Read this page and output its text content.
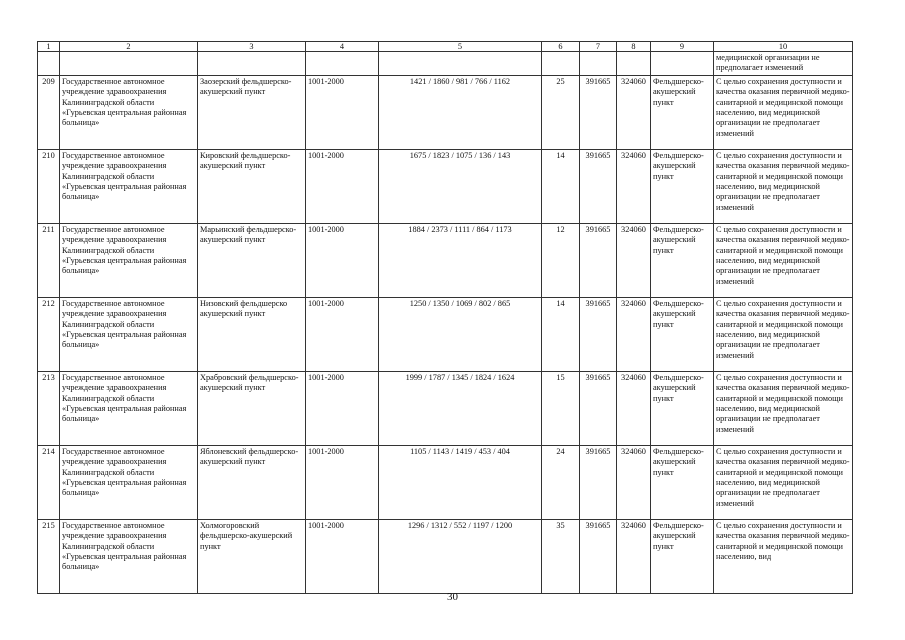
1	2	3	4	5	6	7	8	9	10
									медицинской организации не предполагает изменений
209	Государственное автономное учреждение здравоохранения Калининградской области «Гурьевская центральная районная больница»	Заозерский фельдшерско-акушерский пункт	1001-2000	1421 / 1860 / 981 / 766 / 1162	25	391665	324060	Фельдшерско-акушерский пункт	С целью сохранения доступности и качества оказания первичной медико-санитарной и медицинской помощи населению, вид медицинской организации не предполагает изменений
210	Государственное автономное учреждение здравоохранения Калининградской области «Гурьевская центральная районная больница»	Кировский фельдшерско-акушерский пункт	1001-2000	1675 / 1823 / 1075 / 136 / 143	14	391665	324060	Фельдшерско-акушерский пункт	С целью сохранения доступности и качества оказания первичной медико-санитарной и медицинской помощи населению, вид медицинской организации не предполагает изменений
211	Государственное автономное учреждение здравоохранения Калининградской области «Гурьевская центральная районная больница»	Марьинский фельдшерско-акушерский пункт	1001-2000	1884 / 2373 / 1111 / 864 / 1173	12	391665	324060	Фельдшерско-акушерский пункт	С целью сохранения доступности и качества оказания первичной медико-санитарной и медицинской помощи населению, вид медицинской организации не предполагает изменений
212	Государственное автономное учреждение здравоохранения Калининградской области «Гурьевская центральная районная больница»	Низовский фельдшерско акушерский пункт	1001-2000	1250 / 1350 / 1069 / 802 / 865	14	391665	324060	Фельдшерско-акушерский пункт	С целью сохранения доступности и качества оказания первичной медико-санитарной и медицинской помощи населению, вид медицинской организации не предполагает изменений
213	Государственное автономное учреждение здравоохранения Калининградской области «Гурьевская центральная районная больница»	Храбровский фельдшерско-акушерский пункт	1001-2000	1999 / 1787 / 1345 / 1824 / 1624	15	391665	324060	Фельдшерско-акушерский пункт	С целью сохранения доступности и качества оказания первичной медико-санитарной и медицинской помощи населению, вид медицинской организации не предполагает изменений
214	Государственное автономное учреждение здравоохранения Калининградской области «Гурьевская центральная районная больница»	Яблоневский фельдшерско-акушерский пункт	1001-2000	1105 / 1143 / 1419 / 453 / 404	24	391665	324060	Фельдшерско-акушерский пункт	С целью сохранения доступности и качества оказания первичной медико-санитарной и медицинской помощи населению, вид медицинской организации не предполагает изменений
215	Государственное автономное учреждение здравоохранения Калининградской области «Гурьевская центральная районная больница»	Холмогоровский фельдшерско-акушерский пункт	1001-2000	1296 / 1312 / 552 / 1197 / 1200	35	391665	324060	Фельдшерско-акушерский пункт	С целью сохранения доступности и качества оказания первичной медико-санитарной и медицинской помощи населению, вид
30
